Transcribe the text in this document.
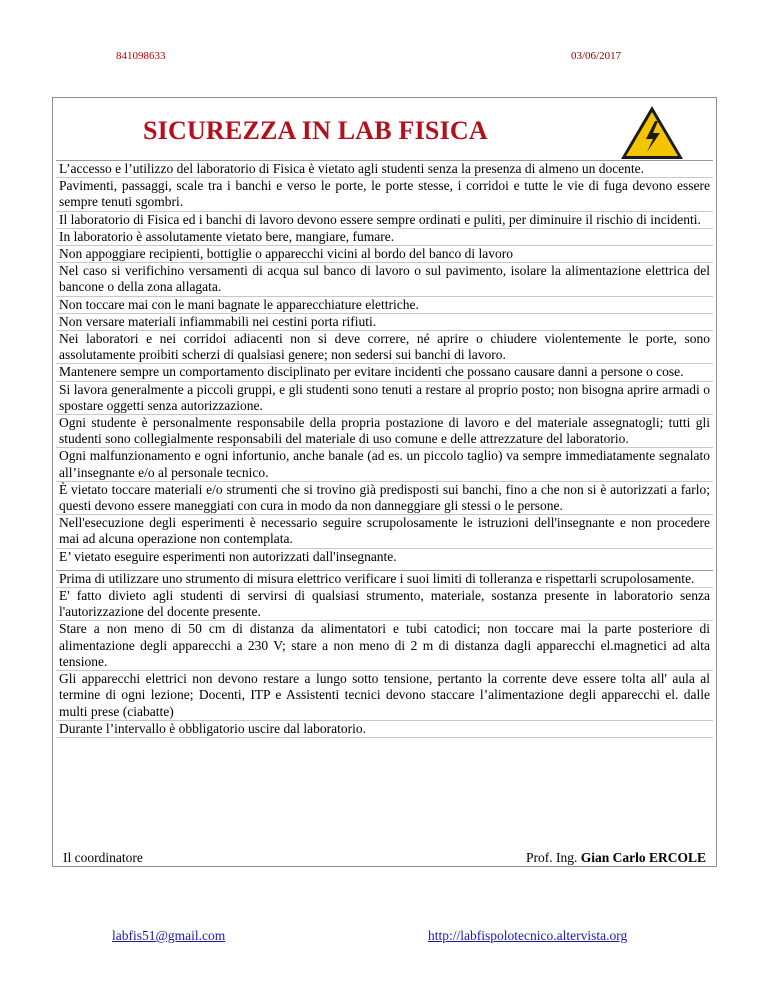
841098633	03/06/2017
SICUREZZA IN LAB FISICA
L’accesso e l’utilizzo del laboratorio di Fisica è vietato agli studenti senza la presenza di almeno un docente.
Pavimenti, passaggi, scale tra i banchi e verso le porte, le porte stesse, i corridoi e tutte le vie di fuga devono essere sempre tenuti sgombri.
Il laboratorio di Fisica ed i banchi di lavoro devono essere sempre ordinati e puliti, per diminuire il rischio di incidenti.
In laboratorio è assolutamente vietato bere, mangiare, fumare.
Non appoggiare recipienti, bottiglie o apparecchi vicini al bordo del banco di lavoro
Nel caso si verifichino versamenti di acqua sul banco di lavoro o sul pavimento, isolare la alimentazione elettrica del bancone o della zona allagata.
Non toccare mai con le mani bagnate le apparecchiature elettriche.
Non versare materiali infiammabili nei cestini porta rifiuti.
Nei laboratori e nei corridoi adiacenti non si deve correre, né aprire o chiudere violentemente le porte, sono assolutamente proibiti scherzi di qualsiasi genere; non sedersi sui banchi di lavoro.
Mantenere sempre un comportamento disciplinato per evitare incidenti che possano causare danni a persone o cose.
Si lavora generalmente a piccoli gruppi, e gli studenti sono tenuti a restare al proprio posto; non bisogna aprire armadi o spostare oggetti senza autorizzazione.
Ogni studente è personalmente responsabile della propria postazione di lavoro e del materiale assegnatogli; tutti gli studenti sono collegialmente responsabili del materiale di uso comune e delle attrezzature del laboratorio.
Ogni malfunzionamento e ogni infortunio, anche banale (ad es. un piccolo taglio) va sempre immediatamente segnalato all’insegnante e/o al personale tecnico.
È vietato toccare materiali e/o strumenti che si trovino già predisposti sui banchi, fino a che non si è autorizzati a farlo; questi devono essere maneggiati con cura in modo da non danneggiare gli stessi o le persone.
Nell'esecuzione degli esperimenti è necessario seguire scrupolosamente le istruzioni dell'insegnante e non procedere mai ad alcuna operazione non contemplata.
E’ vietato eseguire esperimenti non autorizzati dall'insegnante.
Prima di utilizzare uno strumento di misura elettrico verificare i suoi limiti di tolleranza e rispettarli scrupolosamente.
E' fatto divieto agli studenti di servirsi di qualsiasi strumento, materiale, sostanza presente in laboratorio senza l'autorizzazione del docente presente.
Stare a non meno di 50 cm di distanza da alimentatori e tubi catodici; non toccare mai la parte posteriore di alimentazione degli apparecchi a 230 V; stare a non meno di 2 m di distanza dagli apparecchi el.magnetici ad alta tensione.
Gli apparecchi elettrici non devono restare a lungo sotto tensione, pertanto la corrente deve essere tolta all' aula al termine di ogni lezione; Docenti, ITP e Assistenti tecnici devono staccare l’alimentazione degli apparecchi el. dalle multi prese (ciabatte)
Durante l’intervallo è obbligatorio uscire dal laboratorio.
Il coordinatore	Prof. Ing. Gian Carlo ERCOLE
labfis51@gmail.com	http://labfispolotecnico.altervista.org
